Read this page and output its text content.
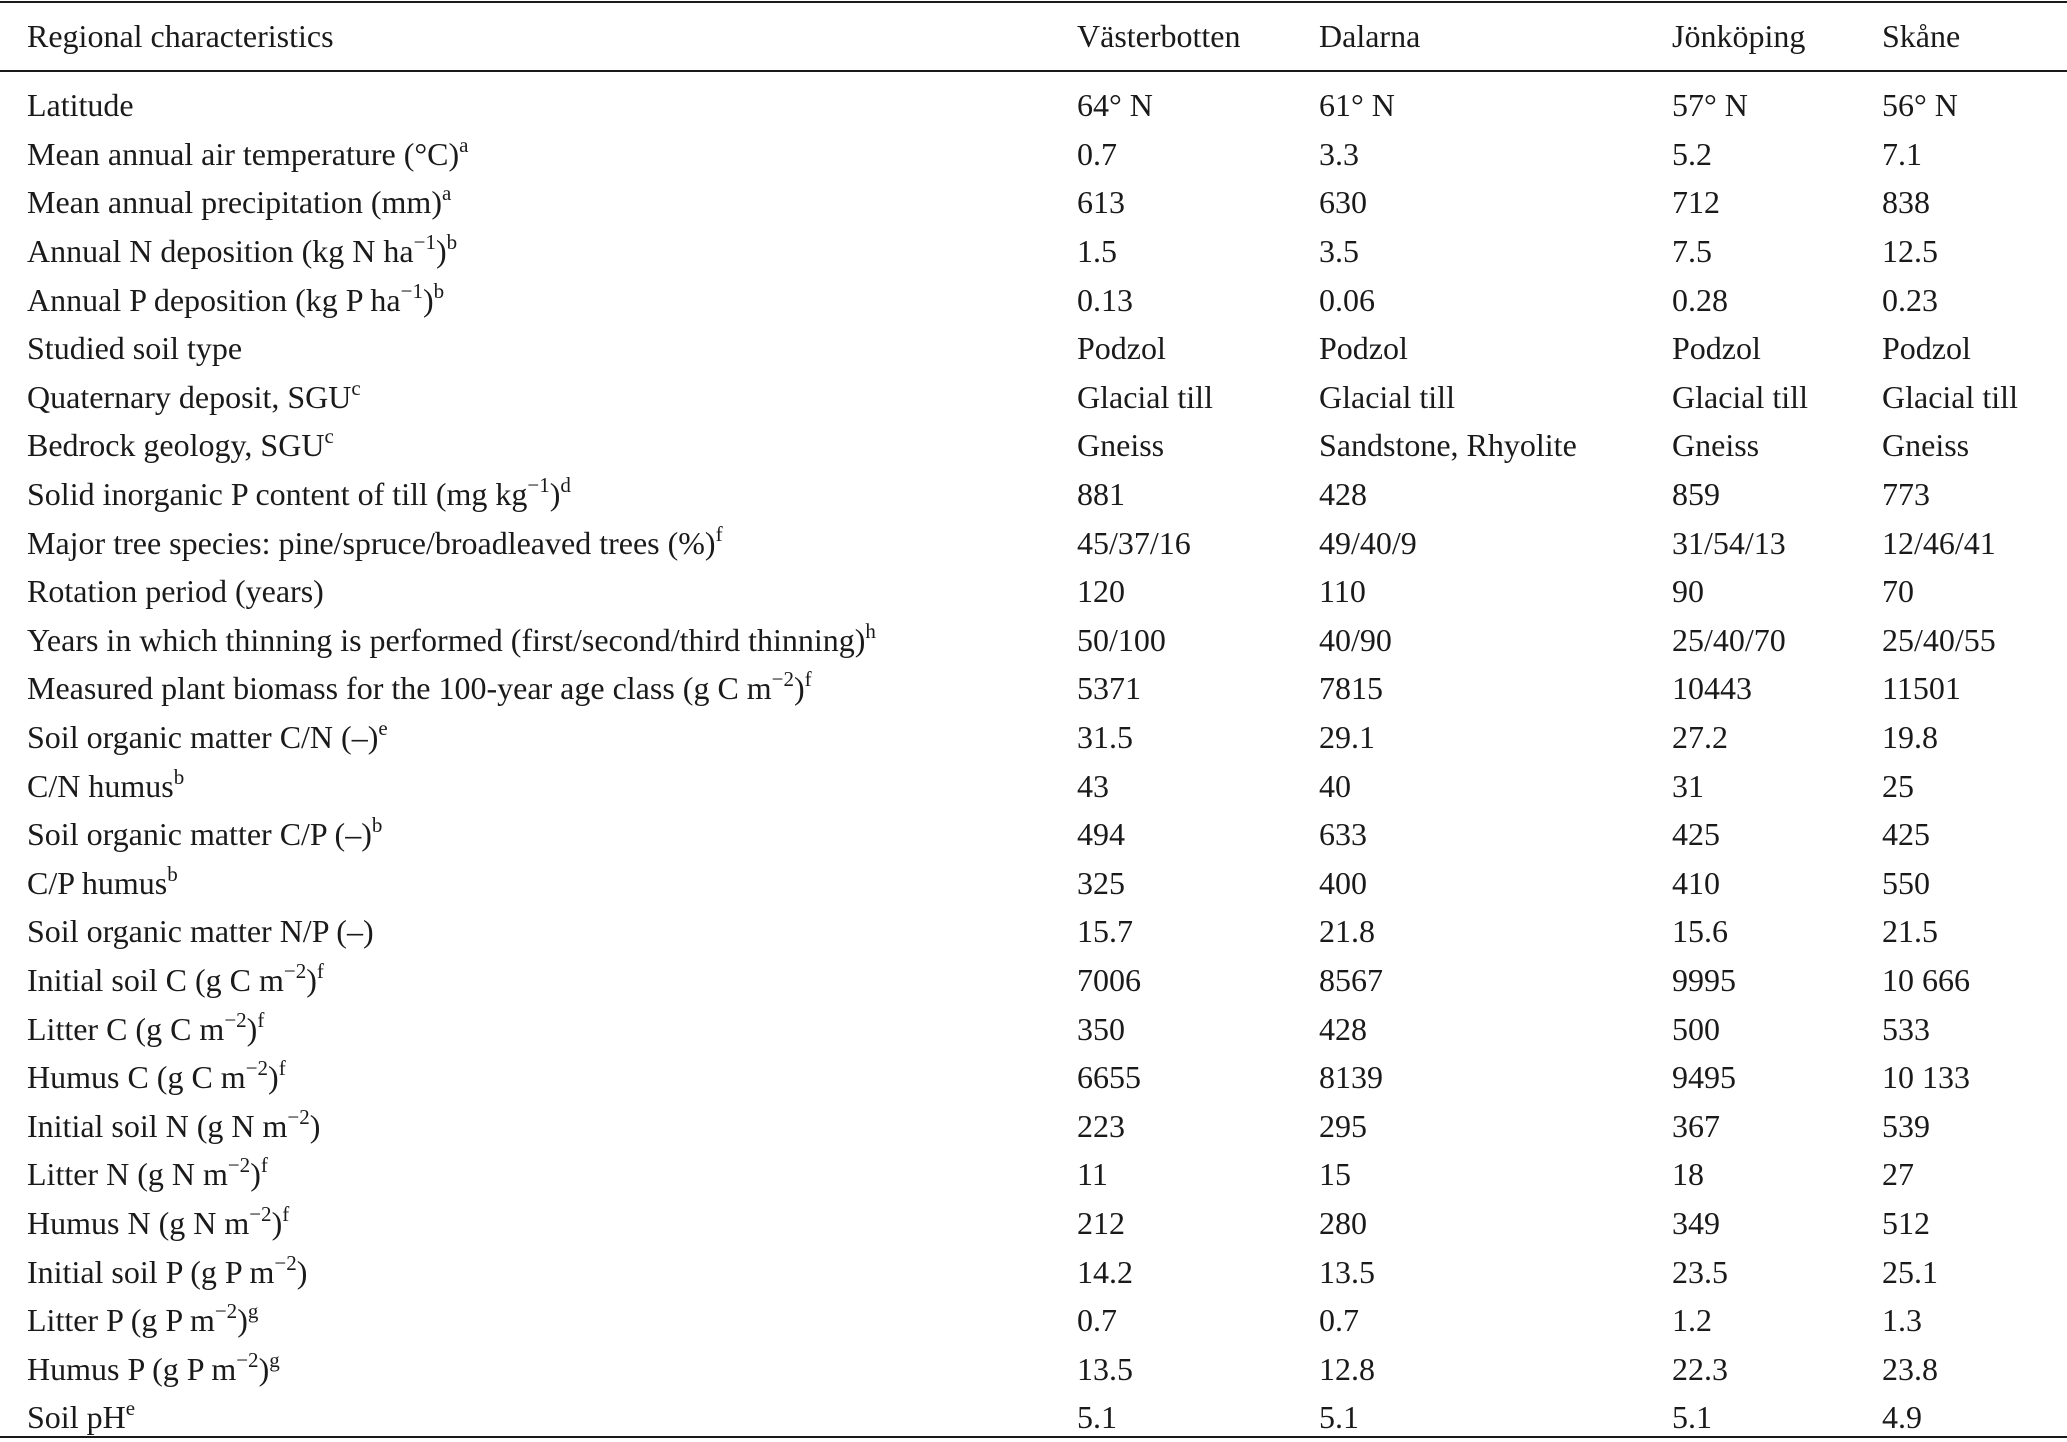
Regional characteristics	Västerbotten	Dalarna	Jönköping	Skåne

Latitude	64° N	61° N	57° N	56° N
Mean annual air temperature $(^\circ C)^a$	0.7	3.3	5.2	7.1
Mean annual precipitation (mm)$^a$	613	630	712	838
Annual N deposition (kg N $ha^{-1})^b$	1.5	3.5	7.5	12.5
Annual P deposition (kg P $ha^{-1})^b$	0.13	0.06	0.28	0.23
Studied soil type	Podzol	Podzol	Podzol	Podzol
Quaternary deposit, SGU$^c$	Glacial till	Glacial till	Glacial till	Glacial till
Bedrock geology, SGU$^c$	Gneiss	Sandstone, Rhyolite	Gneiss	Gneiss
Solid inorganic P content of till (mg $kg^{-1})^d$	881	428	859	773
Major tree species: pine/spruce/broadleaved trees (%)$^f$	45/37/16	49/40/9	31/54/13	12/46/41
Rotation period (years)	120	110	90	70
Years in which thinning is performed (first/second/third thinning)$^h$	50/100	40/90	25/40/70	25/40/55
Measured plant biomass for the 100-year age class (g C $m^{-2})^f$	5371	7815	10443	11501
Soil organic matter C/N $(-)^e$	31.5	29.1	27.2	19.8
C/N humus$^b$	43	40	31	25
Soil organic matter C/P $(-)^b$	494	633	425	425
C/P humus$^b$	325	400	410	550
Soil organic matter N/P (–)	15.7	21.8	15.6	21.5
Initial soil C (g C $m^{-2})^f$	7006	8567	9995	10 666
Litter C (g C $m^{-2})^f$	350	428	500	533
Humus C (g C $m^{-2})^f$	6655	8139	9495	10 133
Initial soil N (g N $m^{-2}$)	223	295	367	539
Litter N (g N $m^{-2})^f$	11	15	18	27
Humus N (g N $m^{-2})^f$	212	280	349	512
Initial soil P (g P $m^{-2}$)	14.2	13.5	23.5	25.1
Litter P (g P $m^{-2})^g$	0.7	0.7	1.2	1.3
Humus P (g P $m^{-2})^g$	13.5	12.8	22.3	23.8
Soil $pH^e$	5.1	5.1	5.1	4.9
